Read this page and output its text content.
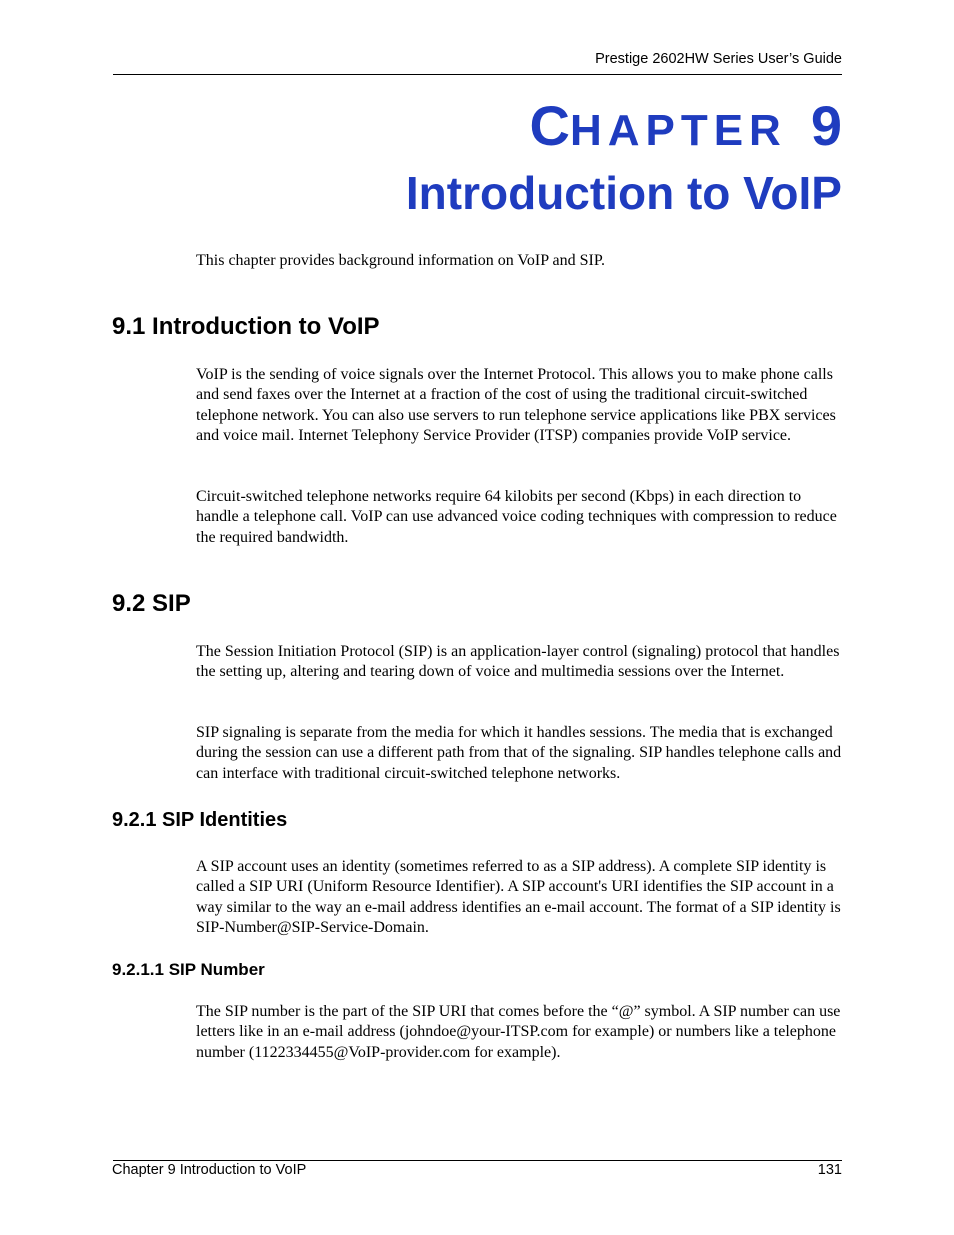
Prestige 2602HW Series User’s Guide
CHAPTER 9
Introduction to VoIP

This chapter provides background information on VoIP and SIP.

9.1 Introduction to VoIP

VoIP is the sending of voice signals over the Internet Protocol. This allows you to make phone calls and send faxes over the Internet at a fraction of the cost of using the traditional circuit-switched telephone network. You can also use servers to run telephone service applications like PBX services and voice mail. Internet Telephony Service Provider (ITSP) companies provide VoIP service.

Circuit-switched telephone networks require 64 kilobits per second (Kbps) in each direction to handle a telephone call. VoIP can use advanced voice coding techniques with compression to reduce the required bandwidth.

9.2 SIP

The Session Initiation Protocol (SIP) is an application-layer control (signaling) protocol that handles the setting up, altering and tearing down of voice and multimedia sessions over the Internet.

SIP signaling is separate from the media for which it handles sessions. The media that is exchanged during the session can use a different path from that of the signaling. SIP handles telephone calls and can interface with traditional circuit-switched telephone networks.

9.2.1 SIP Identities

A SIP account uses an identity (sometimes referred to as a SIP address). A complete SIP identity is called a SIP URI (Uniform Resource Identifier). A SIP account's URI identifies the SIP account in a way similar to the way an e-mail address identifies an e-mail account. The format of a SIP identity is SIP-Number@SIP-Service-Domain.

9.2.1.1 SIP Number

The SIP number is the part of the SIP URI that comes before the “@” symbol. A SIP number can use letters like in an e-mail address (johndoe@your-ITSP.com for example) or numbers like a telephone number (1122334455@VoIP-provider.com for example).

Chapter 9 Introduction to VoIP	131
